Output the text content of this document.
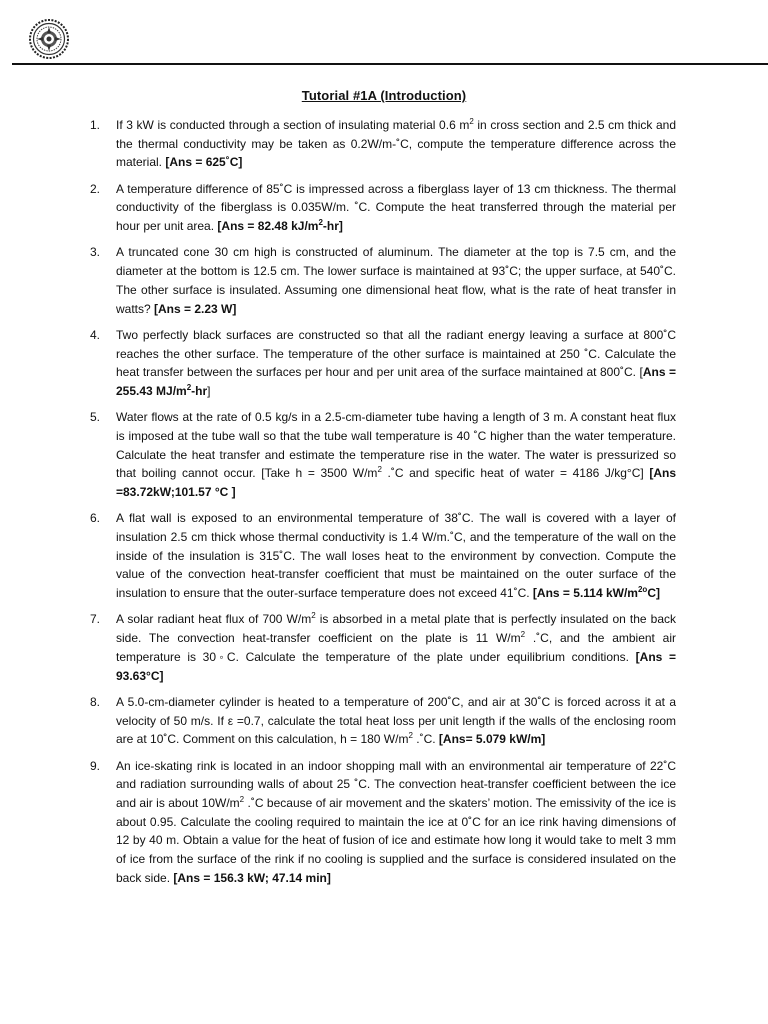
Tutorial #1A (Introduction)
1. If 3 kW is conducted through a section of insulating material 0.6 $m^2$ in cross section and 2.5 cm thick and the thermal conductivity may be taken as 0.2W/m-˚C, compute the temperature difference across the material. [Ans = 625˚C]
2. A temperature difference of 85˚C is impressed across a fiberglass layer of 13 cm thickness. The thermal conductivity of the fiberglass is 0.035W/m. ˚C. Compute the heat transferred through the material per hour per unit area. [Ans = 82.48 $kJ/m^2-hr$]
3. A truncated cone 30 cm high is constructed of aluminum. The diameter at the top is 7.5 cm, and the diameter at the bottom is 12.5 cm. The lower surface is maintained at 93˚C; the upper surface, at 540˚C. The other surface is insulated. Assuming one dimensional heat flow, what is the rate of heat transfer in watts? [Ans = 2.23 W]
4. Two perfectly black surfaces are constructed so that all the radiant energy leaving a surface at 800˚C reaches the other surface. The temperature of the other surface is maintained at 250 ˚C. Calculate the heat transfer between the surfaces per hour and per unit area of the surface maintained at 800˚C. [Ans = 255.43 $MJ/m^2-hr$]
5. Water flows at the rate of 0.5 kg/s in a 2.5-cm-diameter tube having a length of 3 m. A constant heat flux is imposed at the tube wall so that the tube wall temperature is 40 ˚C higher than the water temperature. Calculate the heat transfer and estimate the temperature rise in the water. The water is pressurized so that boiling cannot occur. [Take h = 3500 $W/m^2$ .˚C and specific heat of water = 4186 J/kg°C] [Ans =83.72kW;101.57 °C ]
6. A flat wall is exposed to an environmental temperature of 38˚C. The wall is covered with a layer of insulation 2.5 cm thick whose thermal conductivity is 1.4 W/m.˚C, and the temperature of the wall on the inside of the insulation is 315˚C. The wall loses heat to the environment by convection. Compute the value of the convection heat-transfer coefficient that must be maintained on the outer surface of the insulation to ensure that the outer-surface temperature does not exceed 41˚C. [Ans = 5.114 $kW/m^{2o}C$]
7. A solar radiant heat flux of 700 $W/m^2$ is absorbed in a metal plate that is perfectly insulated on the back side. The convection heat-transfer coefficient on the plate is 11 $W/m^2$ .˚C, and the ambient air temperature is 30◦C. Calculate the temperature of the plate under equilibrium conditions. [Ans = 93.63°C]
8. A 5.0-cm-diameter cylinder is heated to a temperature of 200˚C, and air at 30˚C is forced across it at a velocity of 50 m/s. If ε =0.7, calculate the total heat loss per unit length if the walls of the enclosing room are at 10˚C. Comment on this calculation, h = 180 $W/m^2$ .˚C. [Ans= 5.079 kW/m]
9. An ice-skating rink is located in an indoor shopping mall with an environmental air temperature of 22˚C and radiation surrounding walls of about 25 ˚C. The convection heat-transfer coefficient between the ice and air is about $10W/m^2$ .˚C because of air movement and the skaters’ motion. The emissivity of the ice is about 0.95. Calculate the cooling required to maintain the ice at 0˚C for an ice rink having dimensions of 12 by 40 m. Obtain a value for the heat of fusion of ice and estimate how long it would take to melt 3 mm of ice from the surface of the rink if no cooling is supplied and the surface is considered insulated on the back side. [Ans = 156.3 kW; 47.14 min]
